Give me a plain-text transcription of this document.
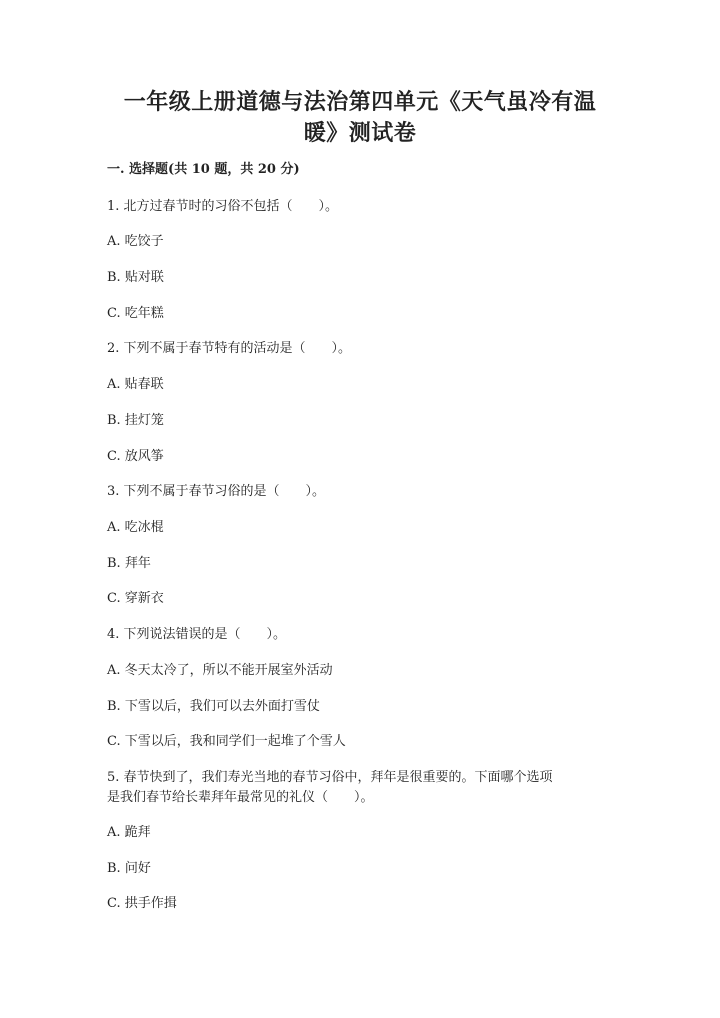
一年级上册道德与法治第四单元《天气虽冷有温
暖》测试卷
一. 选择题(共 10 题，共 20 分)
1. 北方过春节时的习俗不包括（　　）。
A. 吃饺子
B. 贴对联
C. 吃年糕
2. 下列不属于春节特有的活动是（　　）。
A. 贴春联
B. 挂灯笼
C. 放风筝
3. 下列不属于春节习俗的是（　　）。
A. 吃冰棍
B. 拜年
C. 穿新衣
4. 下列说法错误的是（　　）。
A. 冬天太冷了，所以不能开展室外活动
B. 下雪以后，我们可以去外面打雪仗
C. 下雪以后，我和同学们一起堆了个雪人
5. 春节快到了，我们寿光当地的春节习俗中，拜年是很重要的。下面哪个选项
是我们春节给长辈拜年最常见的礼仪（　　）。
A. 跪拜
B. 问好
C. 拱手作揖
